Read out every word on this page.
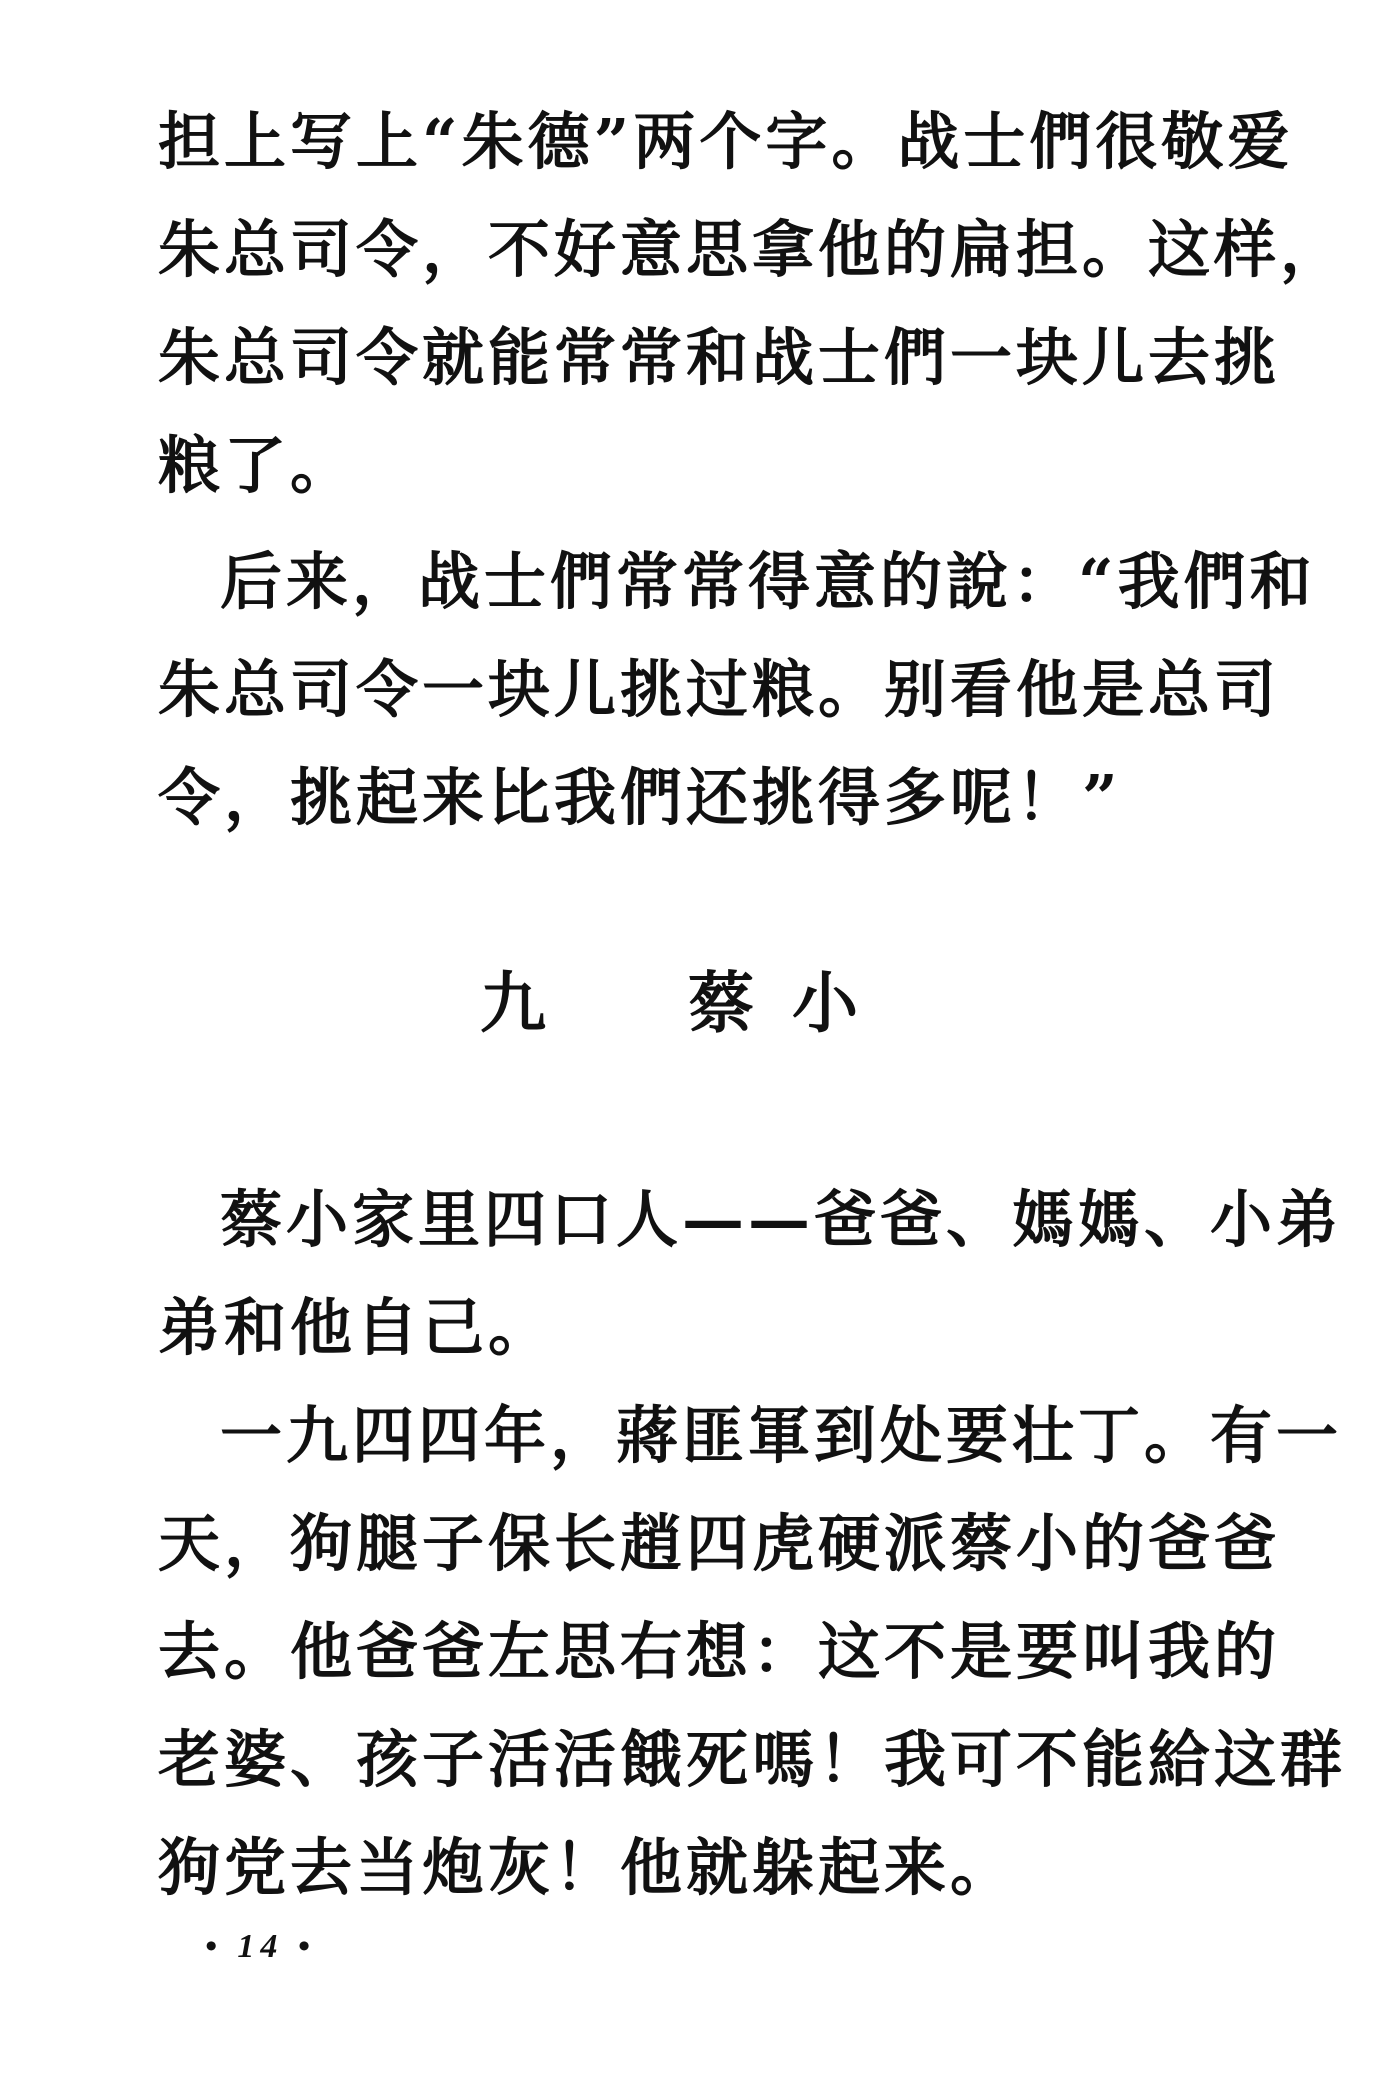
担上写上“朱德”两个字。战士們很敬爱
朱总司令，不好意思拿他的扁担。这样，
朱总司令就能常常和战士們一块儿去挑
粮了。
后来，战士們常常得意的說：“我們和
朱总司令一块儿挑过粮。别看他是总司
令，挑起来比我們还挑得多呢！”
九　蔡小
蔡小家里四口人——爸爸、媽媽、小弟
弟和他自己。
一九四四年，蔣匪軍到处要壮丁。有一
天，狗腿子保长趙四虎硬派蔡小的爸爸
去。他爸爸左思右想：这不是要叫我的
老婆、孩子活活餓死嗎！我可不能給这群
狗党去当炮灰！他就躲起来。
• 14 •
